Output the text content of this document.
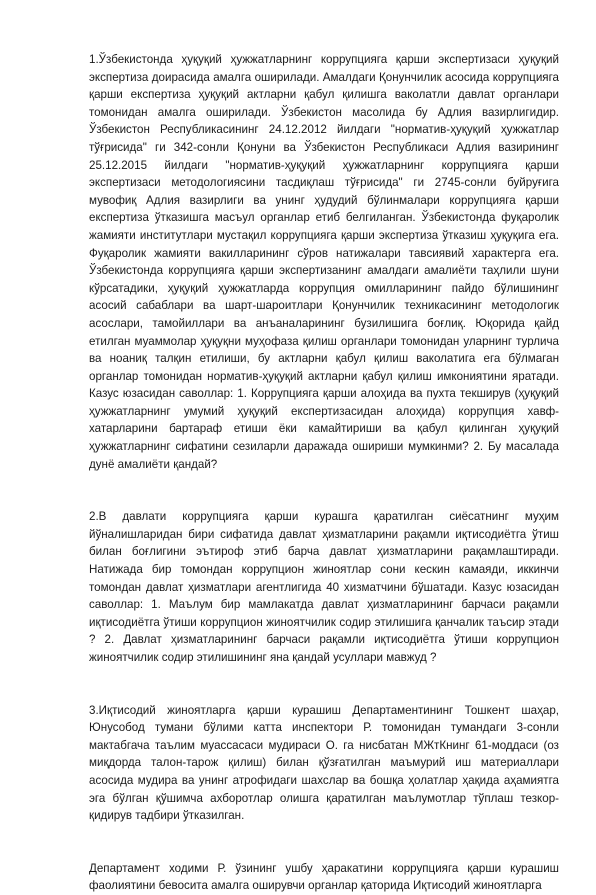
1.Ўзбекистонда ҳуқуқий ҳужжатларнинг коррупцияга қарши экспертизаси ҳуқуқий экспертиза доирасида амалга оширилади. Амалдаги Қонунчилик асосида коррупцияга қарши експертиза ҳуқуқий актларни қабул қилишга ваколатли давлат органлари томонидан амалга оширилади. Ўзбекистон масолида бу Адлия вазирлигидир. Ўзбекистон Республикасининг 24.12.2012 йилдаги "норматив-ҳуқуқий ҳужжатлар тўғрисида" ги 342-сонли Қонуни ва Ўзбекистон Республикаси Адлия вазирининг 25.12.2015 йилдаги "норматив-ҳуқуқий ҳужжатларнинг коррупцияга қарши экспертизаси методологиясини тасдиқлаш тўғрисида" ги 2745-сонли буйруғига мувофиқ Адлия вазирлиги ва унинг ҳудудий бўлинмалари коррупцияга қарши експертиза ўтказишга масъул органлар етиб белгиланган. Ўзбекистонда фуқаролик жамияти институтлари мустақил коррупцияга қарши экспертиза ўтказиш ҳуқуқига ега. Фуқаролик жамияти вакилларининг сўров натижалари тавсиявий характерга ега. Ўзбекистонда коррупцияга қарши экспертизанинг амалдаги амалиёти таҳлили шуни кўрсатадики, ҳуқуқий ҳужжатларда коррупция омилларининг пайдо бўлишининг асосий сабаблари ва шарт-шароитлари Қонунчилик техникасининг методологик асослари, тамойиллари ва анъаналарининг бузилишига боғлиқ. Юқорида қайд етилган муаммолар ҳуқуқни муҳофаза қилиш органлари томонидан уларнинг турлича ва ноаниқ талқин етилиши, бу актларни қабул қилиш ваколатига ега бўлмаган органлар томонидан норматив-ҳуқуқий актларни қабул қилиш имкониятини яратади. Казус юзасидан саволлар: 1. Коррупцияга қарши алоҳида ва пухта текширув (ҳуқуқий ҳужжатларнинг умумий ҳуқуқий експертизасидан алоҳида) коррупция хавф-хатарларини бартараф етиши ёки камайтириши ва қабул қилинган ҳуқуқий ҳужжатларнинг сифатини сезиларли даражада ошириши мумкинми? 2. Бу масалада дунё амалиёти қандай?

2.В давлати коррупцияга қарши курашга қаратилган сиёсатнинг муҳим йўналишларидан бири сифатида давлат ҳизматларини рақамли иқтисодиётга ўтиш билан боғлигини эътироф этиб барча давлат ҳизматларини рақамлаштиради. Натижада бир томондан коррупцион жиноятлар сони кескин камаяди, иккинчи томондан давлат ҳизматлари агентлигида 40 хизматчини бўшатади. Казус юзасидан саволлар: 1. Маълум бир мамлакатда давлат ҳизматларининг барчаси рақамли иқтисодиётга ўтиши коррупцион жиноятчилик содир этилишига қанчалик таъсир этади ? 2. Давлат ҳизматларининг барчаси рақамли иқтисодиётга ўтиши коррупцион жиноятчилик содир этилишининг яна қандай усуллари мавжуд ?

3.Иқтисодий жиноятларга қарши курашиш Департаментининг Тошкент шаҳар, Юнусобод тумани бўлими катта инспектори Р. томонидан тумандаги 3-сонли мактабгача таълим муассасаси мудираси О. га нисбатан МЖтКнинг 61-моддаси (оз миқдорда талон-тарож қилиш) билан қўзғатилган маъмурий иш материаллари асосида мудира ва унинг атрофидаги шахслар ва бошқа ҳолатлар ҳақида аҳамиятга эга бўлган қўшимча ахборотлар олишга қаратилган маълумотлар тўплаш тезкор-қидирув тадбири ўтказилган.

Департамент ходими Р. ўзининг ушбу ҳаракатини коррупцияга қарши курашиш фаолиятини бевосита амалга оширувчи органлар қаторида Иқтисодий жиноятларга
